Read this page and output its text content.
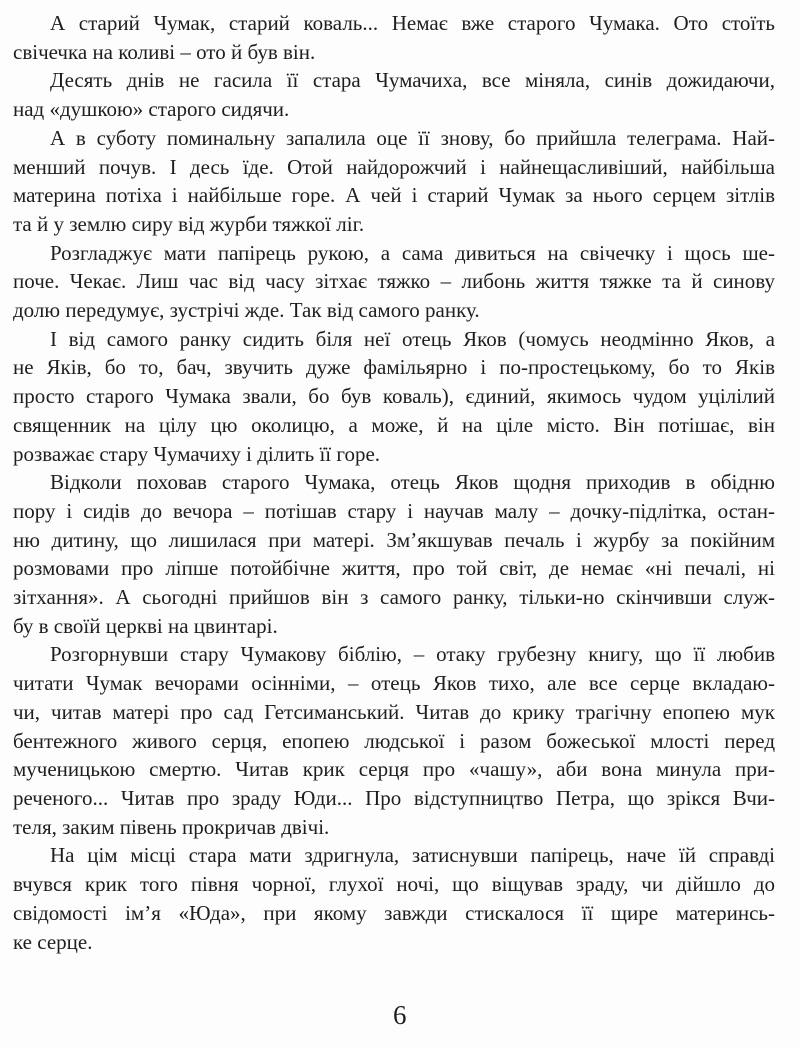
А старий Чумак, старий коваль... Немає вже старого Чумака. Ото стоїть
свічечка на коливі – ото й був він.
Десять днів не гасила її стара Чумачиха, все міняла, синів дожидаючи,
над «душкою» старого сидячи.
А в суботу поминальну запалила оце її знову, бо прийшла телеграма. Най-
менший почув. І десь їде. Отой найдорожчий і найнещасливіший, найбільша
материна потіха і найбільше горе. А чей і старий Чумак за нього серцем зітлів
та й у землю сиру від журби тяжкої ліг.
Розгладжує мати папірець рукою, а сама дивиться на свічечку і щось ше-
поче. Чекає. Лиш час від часу зітхає тяжко – либонь життя тяжке та й синову
долю передумує, зустрічі жде. Так від самого ранку.
І від самого ранку сидить біля неї отець Яков (чомусь неодмінно Яков, а
не Яків, бо то, бач, звучить дуже фамільярно і по-простецькому, бо то Яків
просто старого Чумака звали, бо був коваль), єдиний, якимось чудом уцілілий
священник на цілу цю околицю, а може, й на ціле місто. Він потішає, він
розважає стару Чумачиху і ділить її горе.
Відколи поховав старого Чумака, отець Яков щодня приходив в обідню
пору і сидів до вечора – потішав стару і научав малу – дочку-підлітка, остан-
ню дитину, що лишилася при матері. Зм’якшував печаль і журбу за покійним
розмовами про ліпше потойбічне життя, про той світ, де немає «ні печалі, ні
зітхання». А сьогодні прийшов він з самого ранку, тільки-но скінчивши служ-
бу в своїй церкві на цвинтарі.
Розгорнувши стару Чумакову біблію, – отаку грубезну книгу, що її любив
читати Чумак вечорами осінніми, – отець Яков тихо, але все серце вкладаю-
чи, читав матері про сад Гетсиманський. Читав до крику трагічну епопею мук
бентежного живого серця, епопею людської і разом божеської млості перед
мученицькою смертю. Читав крик серця про «чашу», аби вона минула при-
реченого... Читав про зраду Юди... Про відступництво Петра, що зрікся Вчи-
теля, заким півень прокричав двічі.
На цім місці стара мати здригнула, затиснувши папірець, наче їй справді
вчувся крик того півня чорної, глухої ночі, що віщував зраду, чи дійшло до
свідомості ім’я «Юда», при якому завжди стискалося її щире материнсь-
ке серце.
6
